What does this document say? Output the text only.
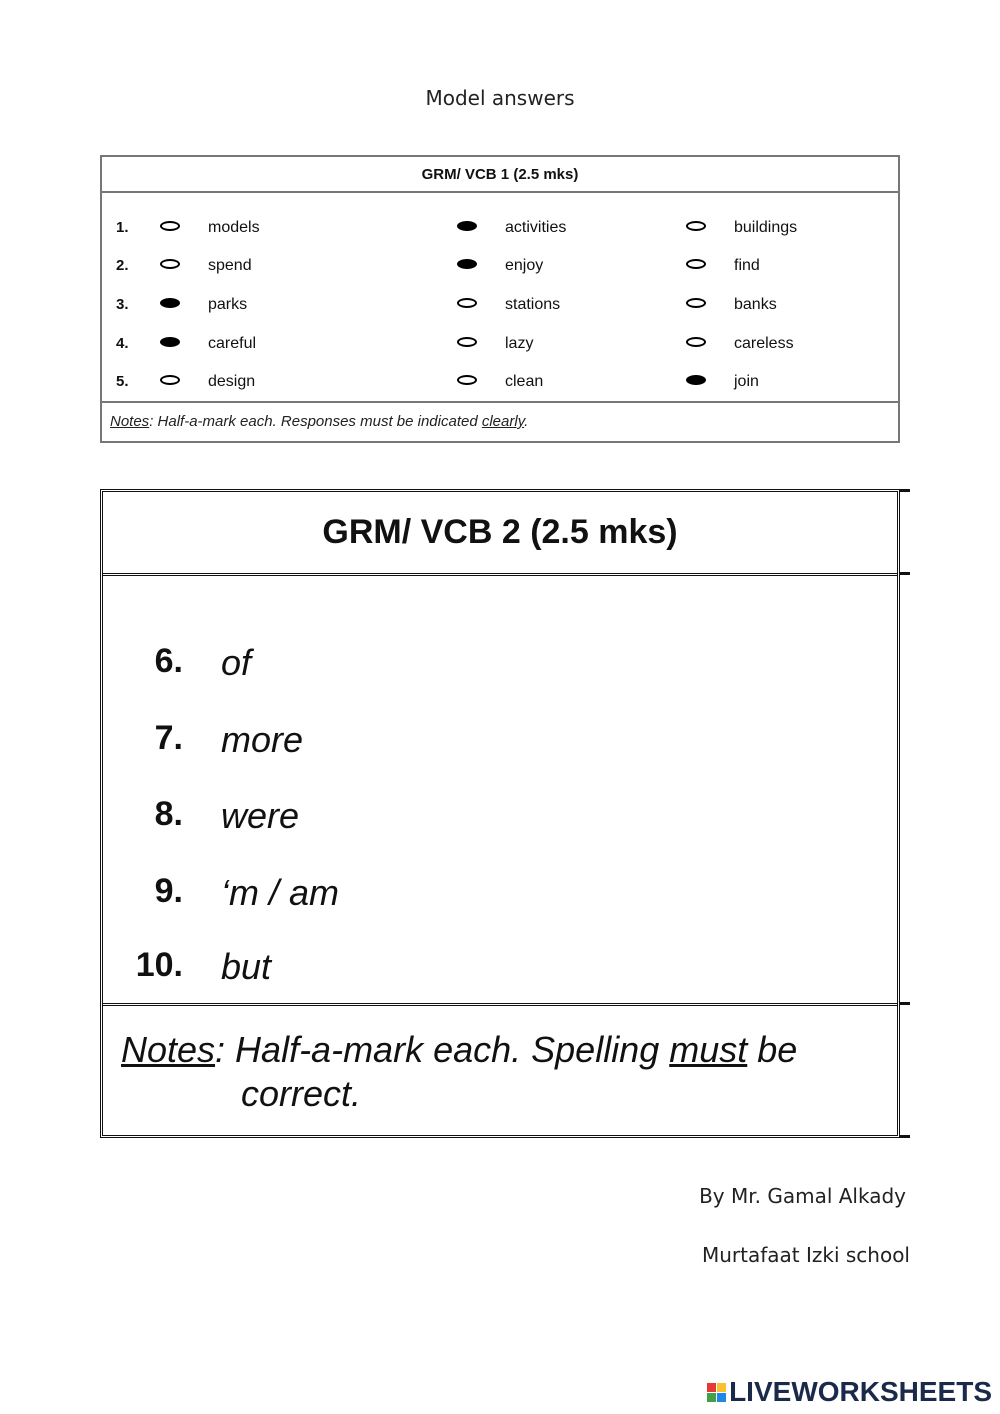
Model answers
GRM/ VCB 1 (2.5 mks)
1.	models	activities	buildings
2.	spend	enjoy	find
3.	parks	stations	banks
4.	careful	lazy	careless
5.	design	clean	join
Notes: Half-a-mark each. Responses must be indicated clearly.
GRM/ VCB 2 (2.5 mks)
6. of
7. more
8. were
9. ‘m / am
10. but
Notes: Half-a-mark each. Spelling must be
correct.
By Mr. Gamal Alkady
Murtafaat Izki school
LIVEWORKSHEETS
